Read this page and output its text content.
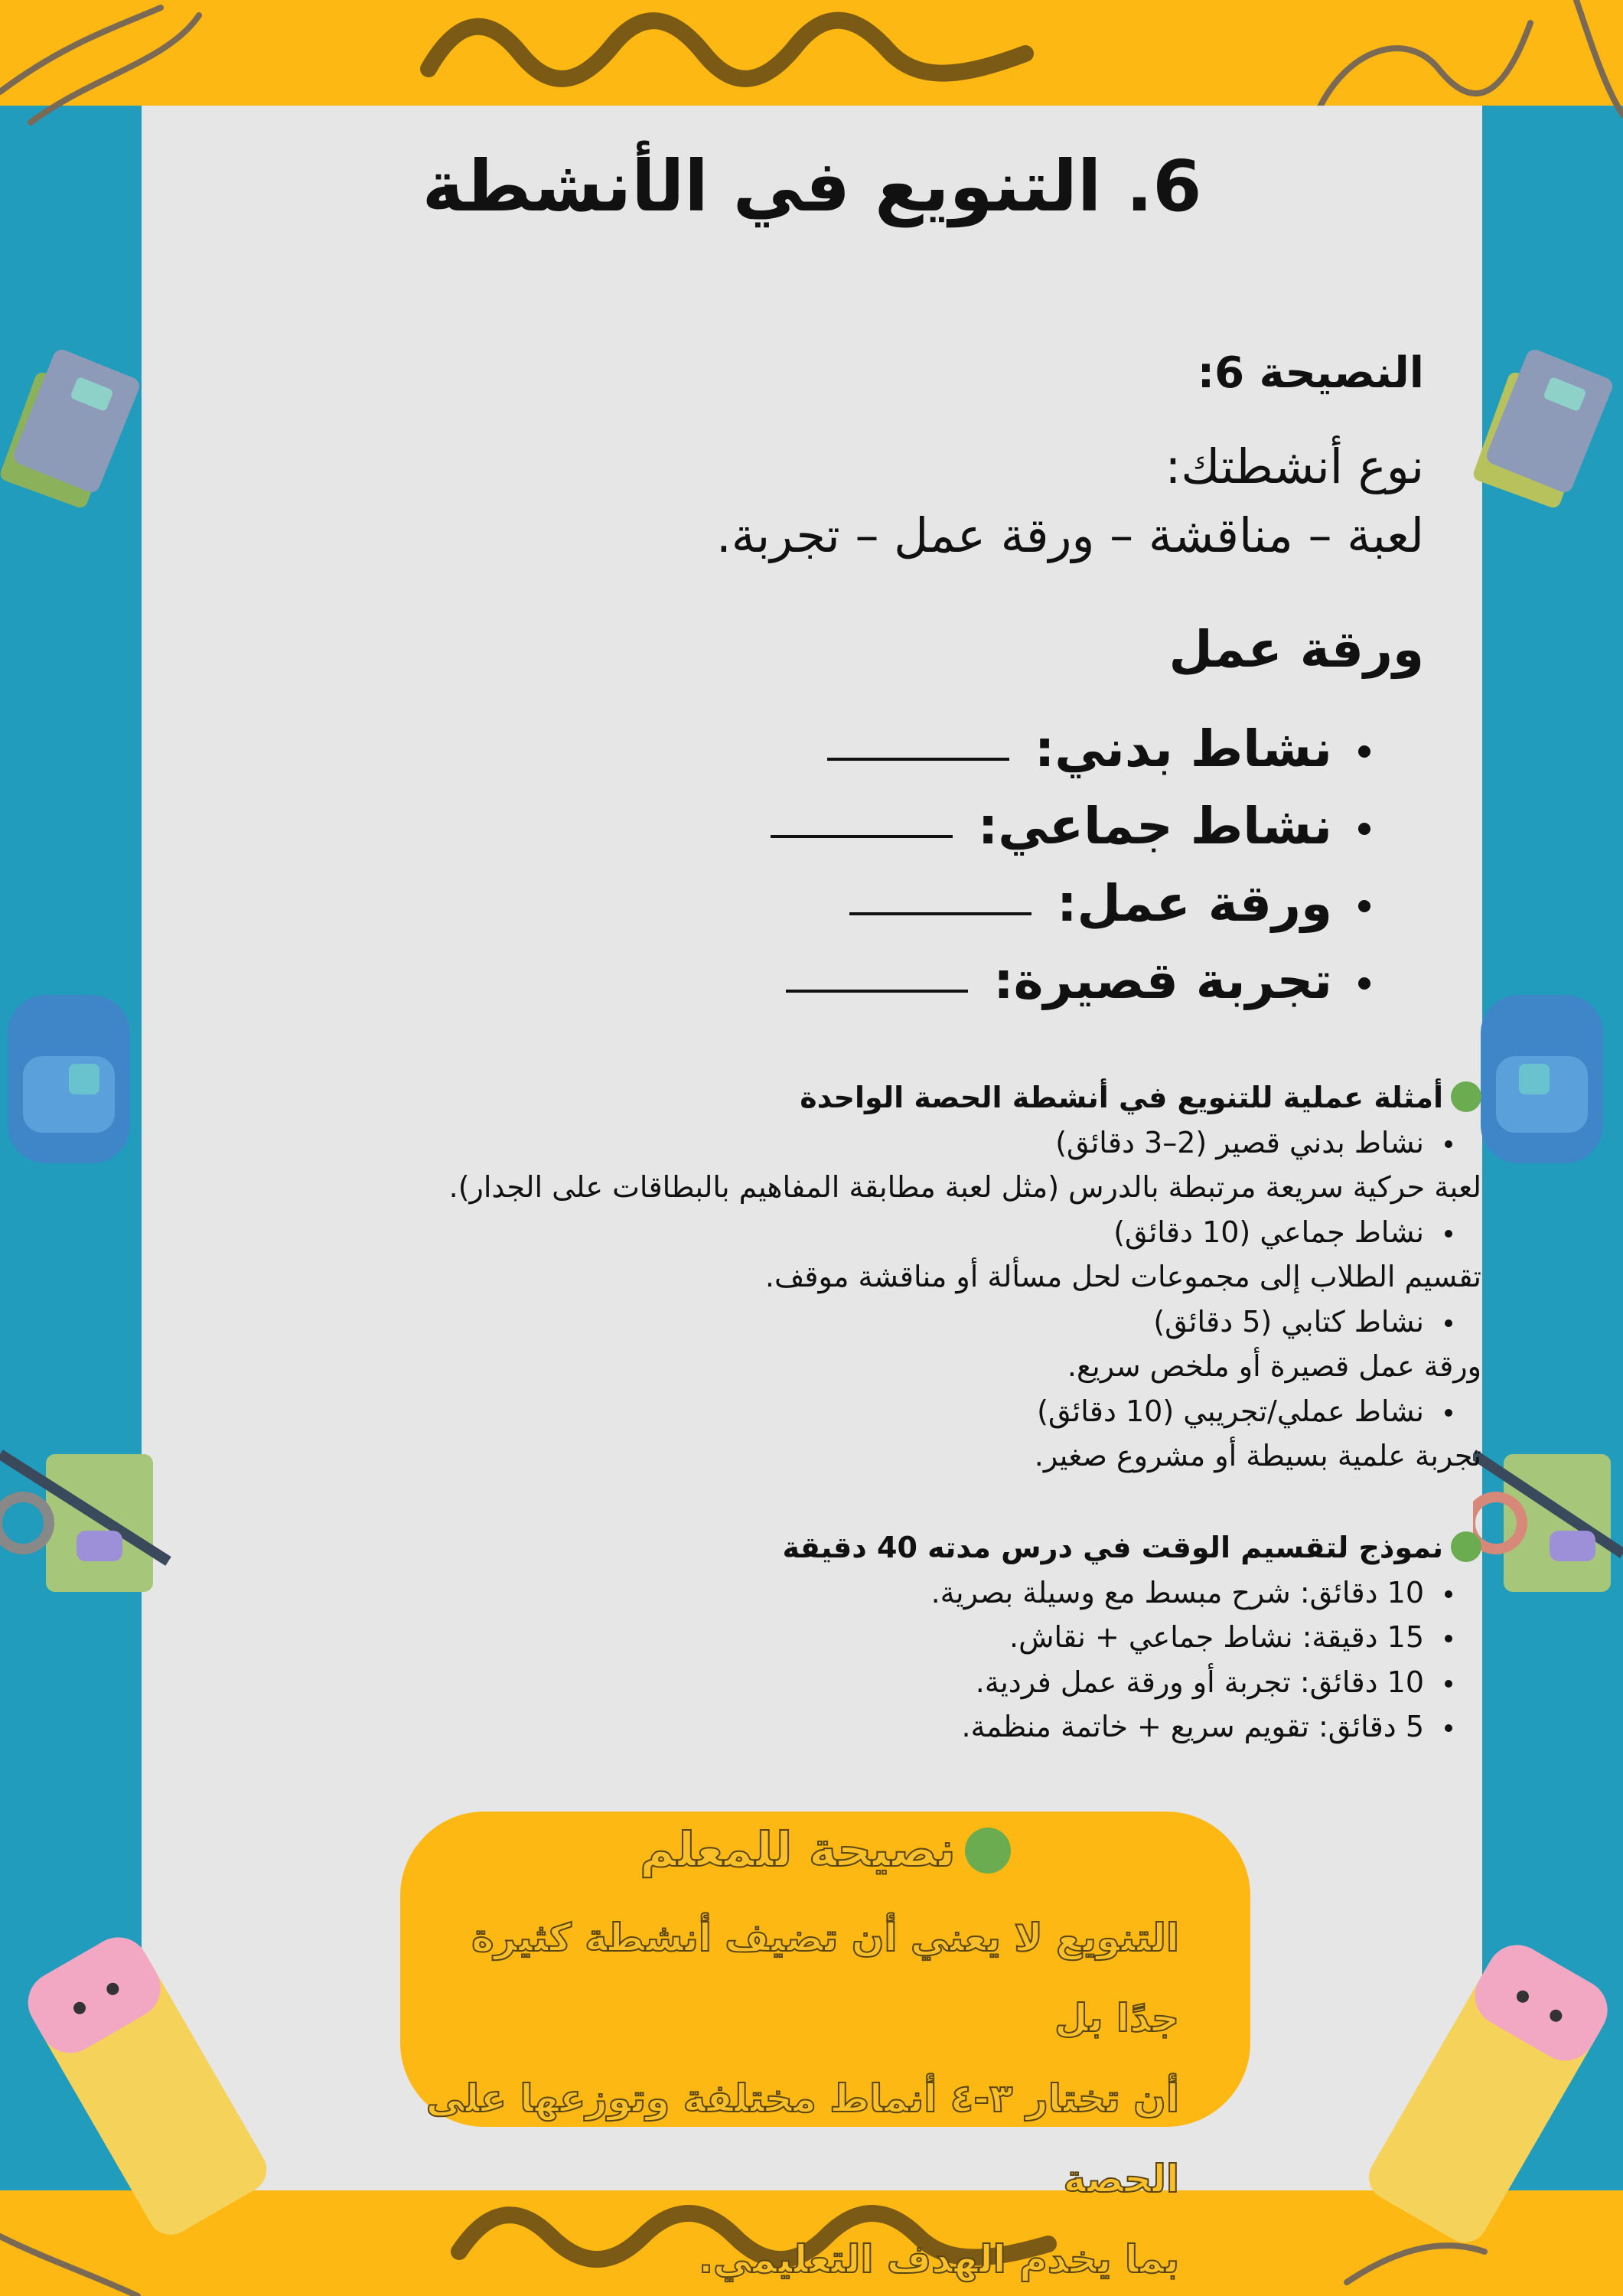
6. التنويع في الأنشطة
النصيحة 6:
نوع أنشطتك:
لعبة – مناقشة – ورقة عمل – تجربة.
ورقة عمل
نشاط بدني:
نشاط جماعي:
ورقة عمل:
تجربة قصيرة:
أمثلة عملية للتنويع في أنشطة الحصة الواحدة
نشاط بدني قصير (2–3 دقائق)
لعبة حركية سريعة مرتبطة بالدرس (مثل لعبة مطابقة المفاهيم بالبطاقات على الجدار).
نشاط جماعي (10 دقائق)
تقسيم الطلاب إلى مجموعات لحل مسألة أو مناقشة موقف.
نشاط كتابي (5 دقائق)
ورقة عمل قصيرة أو ملخص سريع.
نشاط عملي/تجريبي (10 دقائق)
تجربة علمية بسيطة أو مشروع صغير.
نموذج لتقسيم الوقت في درس مدته 40 دقيقة
10 دقائق: شرح مبسط مع وسيلة بصرية.
15 دقيقة: نشاط جماعي + نقاش.
10 دقائق: تجربة أو ورقة عمل فردية.
5 دقائق: تقويم سريع + خاتمة منظمة.
نصيحة للمعلم
التنويع لا يعني أن تضيف أنشطة كثيرة جدًا بل
أن تختار ٣-٤ أنماط مختلفة وتوزعها على الحصة
بما يخدم الهدف التعليمي.
